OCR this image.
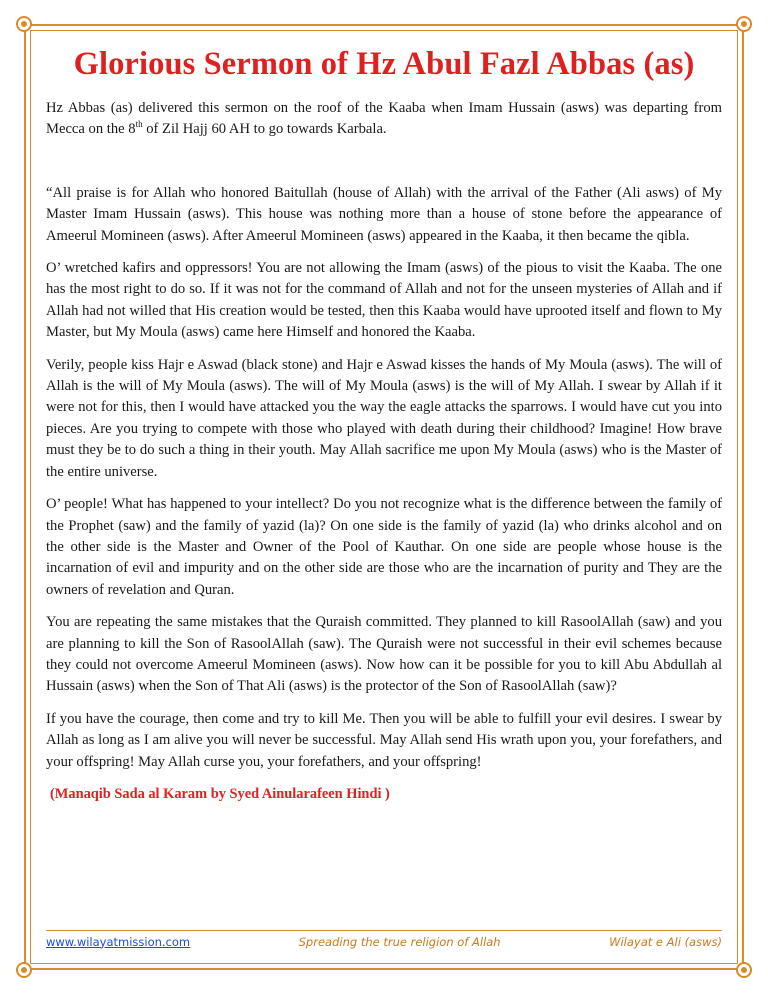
Glorious Sermon of Hz Abul Fazl Abbas (as)

Hz Abbas (as) delivered this sermon on the roof of the Kaaba when Imam Hussain (asws) was departing from Mecca on the 8th of Zil Hajj 60 AH to go towards Karbala.

“All praise is for Allah who honored Baitullah (house of Allah) with the arrival of the Father (Ali asws) of My Master Imam Hussain (asws). This house was nothing more than a house of stone before the appearance of Ameerul Momineen (asws). After Ameerul Momineen (asws) appeared in the Kaaba, it then became the qibla.

O’ wretched kafirs and oppressors! You are not allowing the Imam (asws) of the pious to visit the Kaaba. The one has the most right to do so. If it was not for the command of Allah and not for the unseen mysteries of Allah and if Allah had not willed that His creation would be tested, then this Kaaba would have uprooted itself and flown to My Master, but My Moula (asws) came here Himself and honored the Kaaba.

Verily, people kiss Hajr e Aswad (black stone) and Hajr e Aswad kisses the hands of My Moula (asws). The will of Allah is the will of My Moula (asws). The will of My Moula (asws) is the will of My Allah. I swear by Allah if it were not for this, then I would have attacked you the way the eagle attacks the sparrows. I would have cut you into pieces. Are you trying to compete with those who played with death during their childhood? Imagine! How brave must they be to do such a thing in their youth. May Allah sacrifice me upon My Moula (asws) who is the Master of the entire universe.

O’ people! What has happened to your intellect? Do you not recognize what is the difference between the family of the Prophet (saw) and the family of yazid (la)? On one side is the family of yazid (la) who drinks alcohol and on the other side is the Master and Owner of the Pool of Kauthar. On one side are people whose house is the incarnation of evil and impurity and on the other side are those who are the incarnation of purity and They are the owners of revelation and Quran.

You are repeating the same mistakes that the Quraish committed. They planned to kill RasoolAllah (saw) and you are planning to kill the Son of RasoolAllah (saw). The Quraish were not successful in their evil schemes because they could not overcome Ameerul Momineen (asws). Now how can it be possible for you to kill Abu Abdullah al Hussain (asws) when the Son of That Ali (asws) is the protector of the Son of RasoolAllah (saw)?

If you have the courage, then come and try to kill Me. Then you will be able to fulfill your evil desires. I swear by Allah as long as I am alive you will never be successful. May Allah send His wrath upon you, your forefathers, and your offspring! May Allah curse you, your forefathers, and your offspring!

(Manaqib Sada al Karam by Syed Ainularafeen Hindi )
www.wilayatmission.com	Spreading the true religion of Allah	Wilayat e Ali (asws)
